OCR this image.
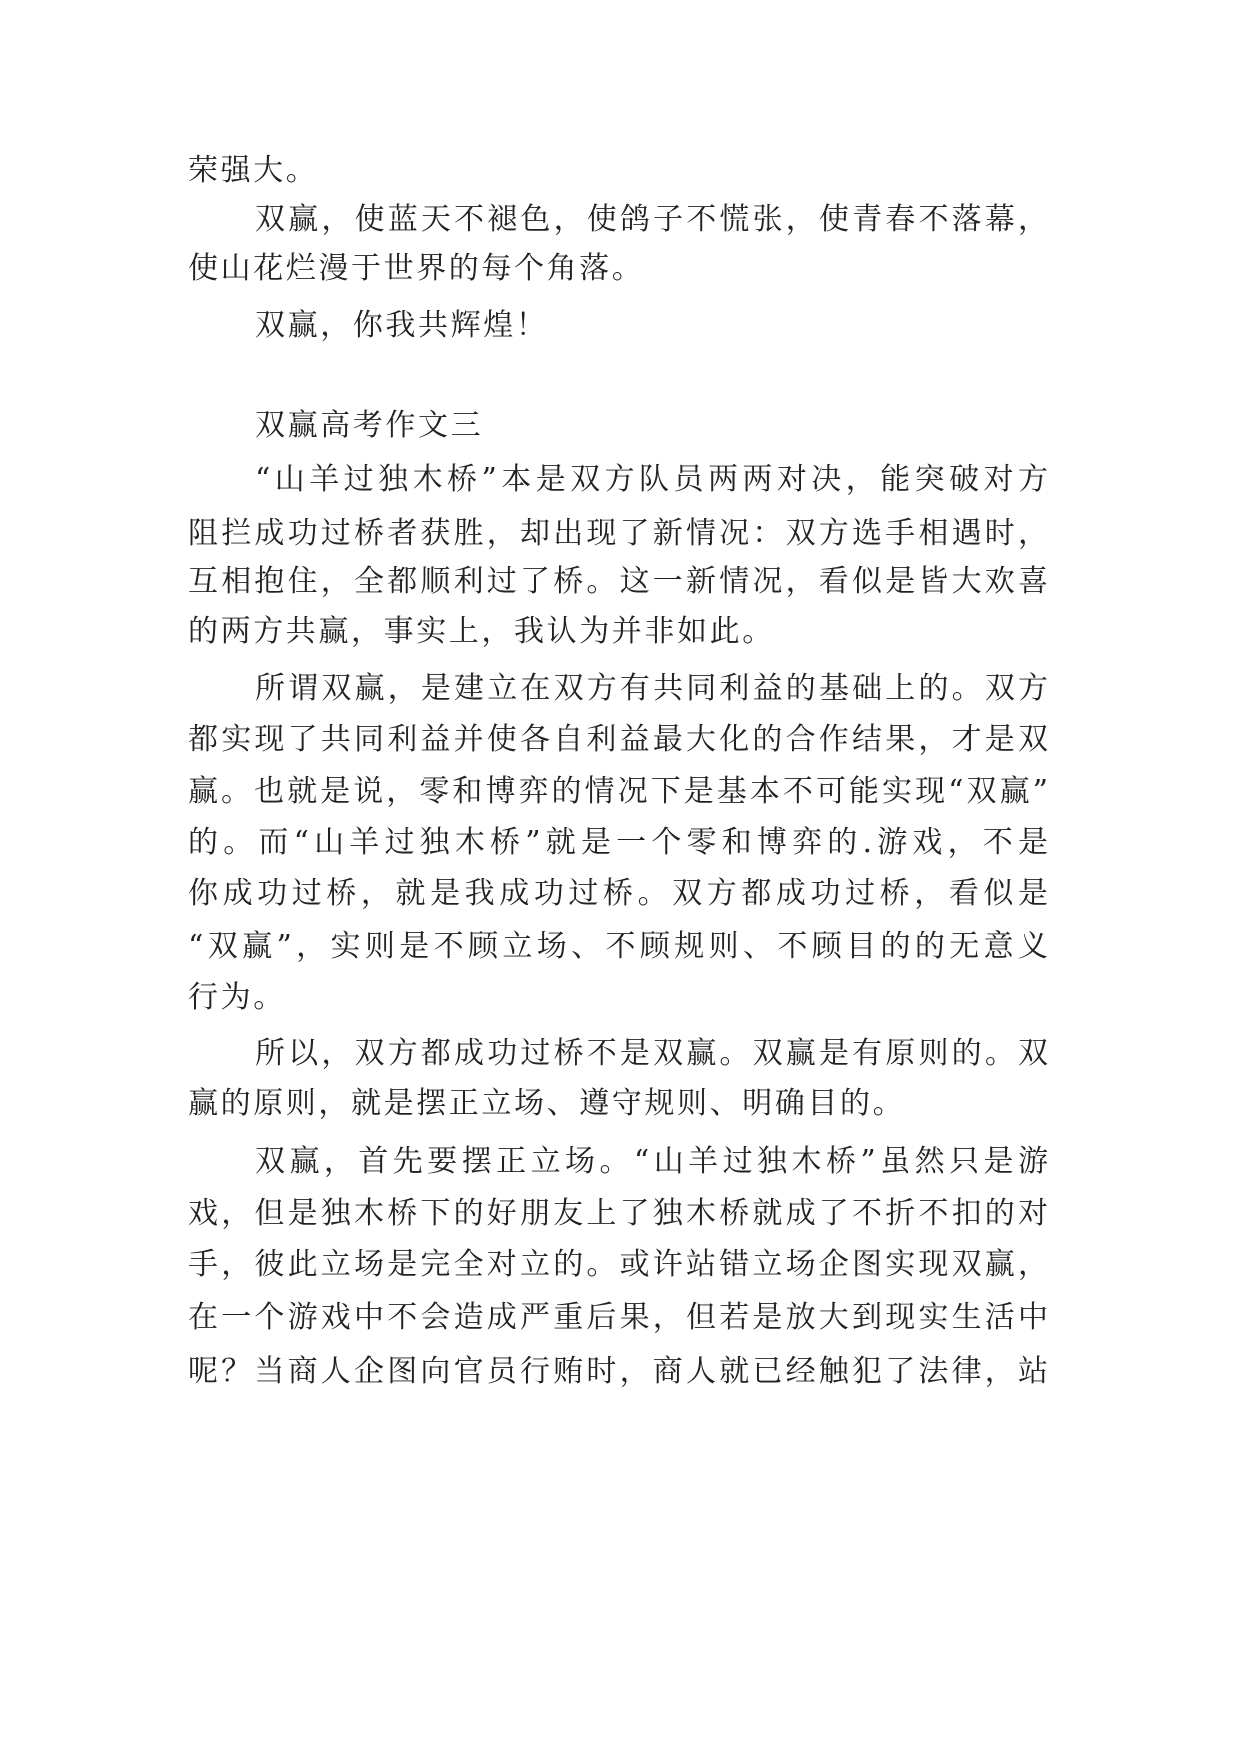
荣强大。
双赢，使蓝天不褪色，使鸽子不慌张，使青春不落幕，
使山花烂漫于世界的每个角落。
双赢，你我共辉煌！
双赢高考作文三
“山羊过独木桥”本是双方队员两两对决，能突破对方
阻拦成功过桥者获胜，却出现了新情况：双方选手相遇时，
互相抱住，全都顺利过了桥。这一新情况，看似是皆大欢喜
的两方共赢，事实上，我认为并非如此。
所谓双赢，是建立在双方有共同利益的基础上的。双方
都实现了共同利益并使各自利益最大化的合作结果，才是双
赢。也就是说，零和博弈的情况下是基本不可能实现“双赢”
的。而“山羊过独木桥”就是一个零和博弈的.游戏，不是
你成功过桥，就是我成功过桥。双方都成功过桥，看似是
“双赢”，实则是不顾立场、不顾规则、不顾目的的无意义
行为。
所以，双方都成功过桥不是双赢。双赢是有原则的。双
赢的原则，就是摆正立场、遵守规则、明确目的。
双赢，首先要摆正立场。“山羊过独木桥”虽然只是游
戏，但是独木桥下的好朋友上了独木桥就成了不折不扣的对
手，彼此立场是完全对立的。或许站错立场企图实现双赢，
在一个游戏中不会造成严重后果，但若是放大到现实生活中
呢？当商人企图向官员行贿时，商人就已经触犯了法律，站
